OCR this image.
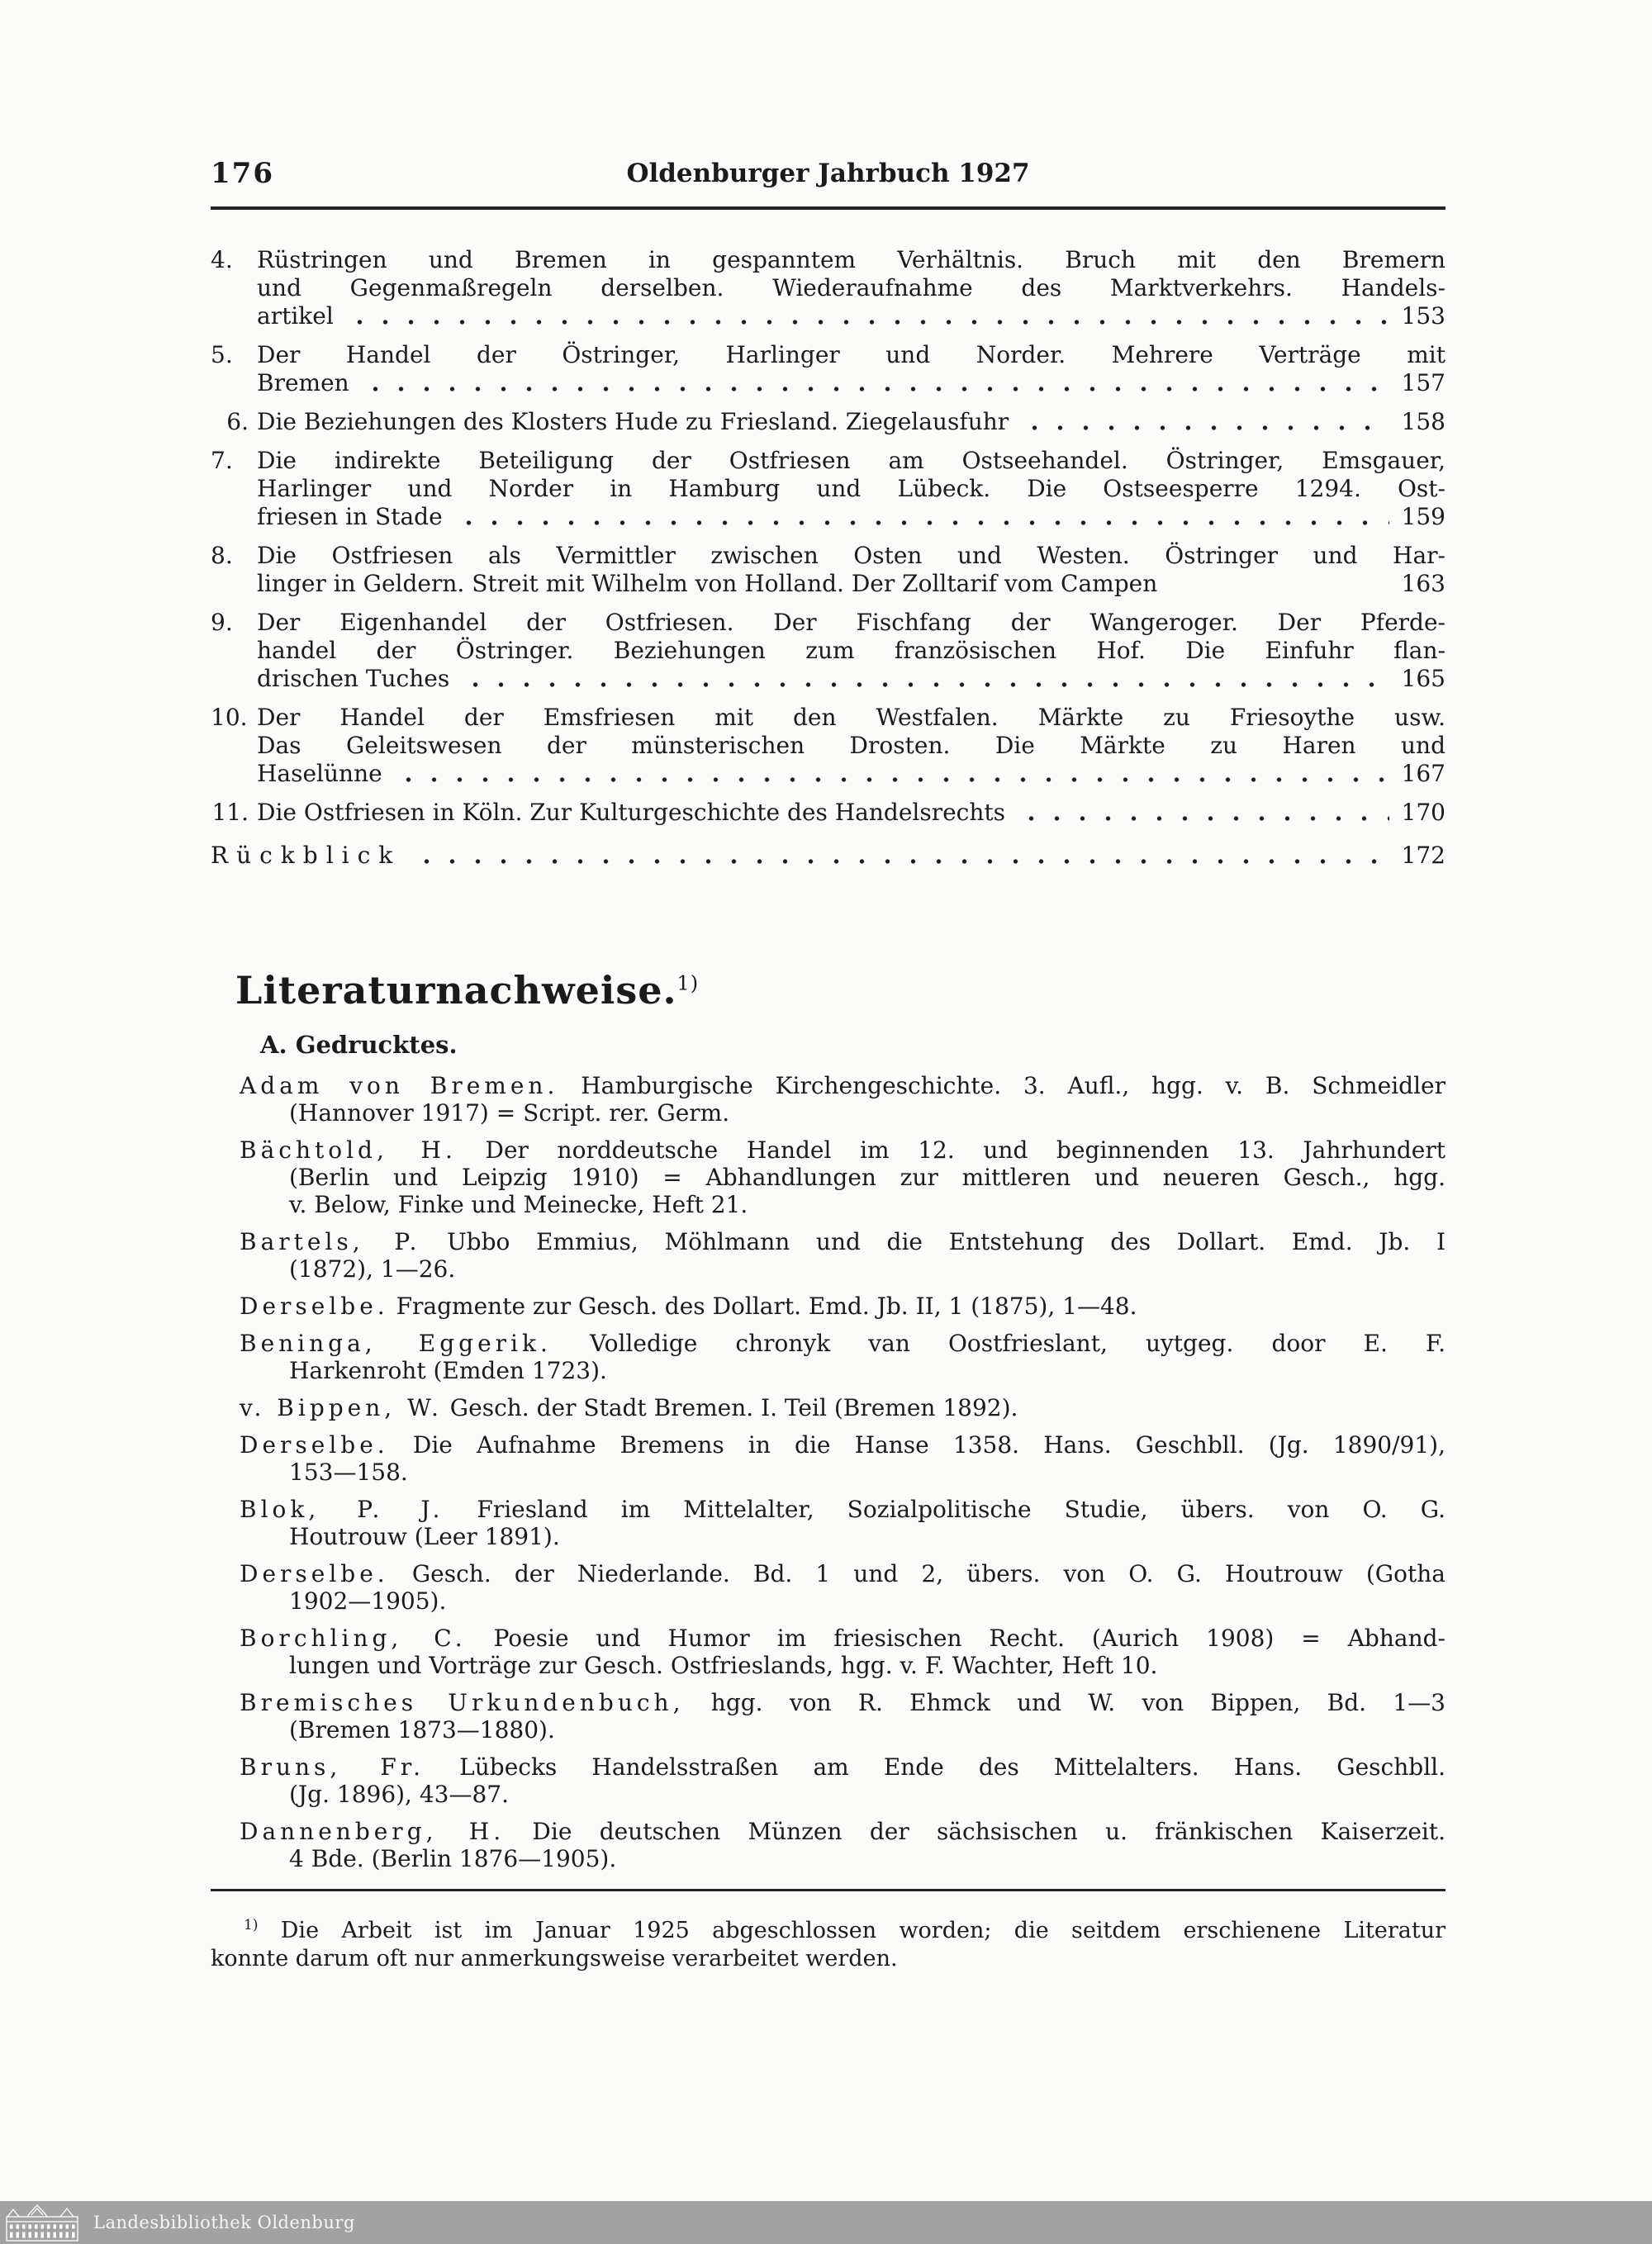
176	Oldenburger Jahrbuch 1927
4. Rüstringen und Bremen in gespanntem Verhältnis. Bruch mit den Bremern
und Gegenmaßregeln derselben. Wiederaufnahme des Marktverkehrs. Handels-
artikel	153
5. Der Handel der Östringer, Harlinger und Norder. Mehrere Verträge mit
Bremen	157
6. Die Beziehungen des Klosters Hude zu Friesland. Ziegelausfuhr	158
7. Die indirekte Beteiligung der Ostfriesen am Ostseehandel. Östringer, Emsgauer,
Harlinger und Norder in Hamburg und Lübeck. Die Ostseesperre 1294. Ost-
friesen in Stade	159
8. Die Ostfriesen als Vermittler zwischen Osten und Westen. Östringer und Har-
linger in Geldern. Streit mit Wilhelm von Holland. Der Zolltarif vom Campen	163
9. Der Eigenhandel der Ostfriesen. Der Fischfang der Wangeroger. Der Pferde-
handel der Östringer. Beziehungen zum französischen Hof. Die Einfuhr flan-
drischen Tuches	165
10. Der Handel der Emsfriesen mit den Westfalen. Märkte zu Friesoythe usw.
Das Geleitswesen der münsterischen Drosten. Die Märkte zu Haren und
Haselünne	167
11. Die Ostfriesen in Köln. Zur Kulturgeschichte des Handelsrechts	170
Rückblick	172
Literaturnachweise.$^{1)}$
A. Gedrucktes.
Adam von Bremen. Hamburgische Kirchengeschichte. 3. Aufl., hgg. v. B. Schmeidler
(Hannover 1917) = Script. rer. Germ.
Bächtold, H. Der norddeutsche Handel im 12. und beginnenden 13. Jahrhundert
(Berlin und Leipzig 1910) = Abhandlungen zur mittleren und neueren Gesch., hgg.
v. Below, Finke und Meinecke, Heft 21.
Bartels, P. Ubbo Emmius, Möhlmann und die Entstehung des Dollart. Emd. Jb. I
(1872), 1—26.
Derselbe. Fragmente zur Gesch. des Dollart. Emd. Jb. II, 1 (1875), 1—48.
Beninga, Eggerik. Volledige chronyk van Oostfrieslant, uytgeg. door E. F.
Harkenroht (Emden 1723).
v. Bippen, W. Gesch. der Stadt Bremen. I. Teil (Bremen 1892).
Derselbe. Die Aufnahme Bremens in die Hanse 1358. Hans. Geschbll. (Jg. 1890/91),
153—158.
Blok, P. J. Friesland im Mittelalter, Sozialpolitische Studie, übers. von O. G.
Houtrouw (Leer 1891).
Derselbe. Gesch. der Niederlande. Bd. 1 und 2, übers. von O. G. Houtrouw (Gotha
1902—1905).
Borchling, C. Poesie und Humor im friesischen Recht. (Aurich 1908) = Abhand-
lungen und Vorträge zur Gesch. Ostfrieslands, hgg. v. F. Wachter, Heft 10.
Bremisches Urkundenbuch, hgg. von R. Ehmck und W. von Bippen, Bd. 1—3
(Bremen 1873—1880).
Bruns, Fr. Lübecks Handelsstraßen am Ende des Mittelalters. Hans. Geschbll.
(Jg. 1896), 43—87.
Dannenberg, H. Die deutschen Münzen der sächsischen u. fränkischen Kaiserzeit.
4 Bde. (Berlin 1876—1905).
$^{1)}$ Die Arbeit ist im Januar 1925 abgeschlossen worden; die seitdem erschienene Literatur
konnte darum oft nur anmerkungsweise verarbeitet werden.
Landesbibliothek Oldenburg
